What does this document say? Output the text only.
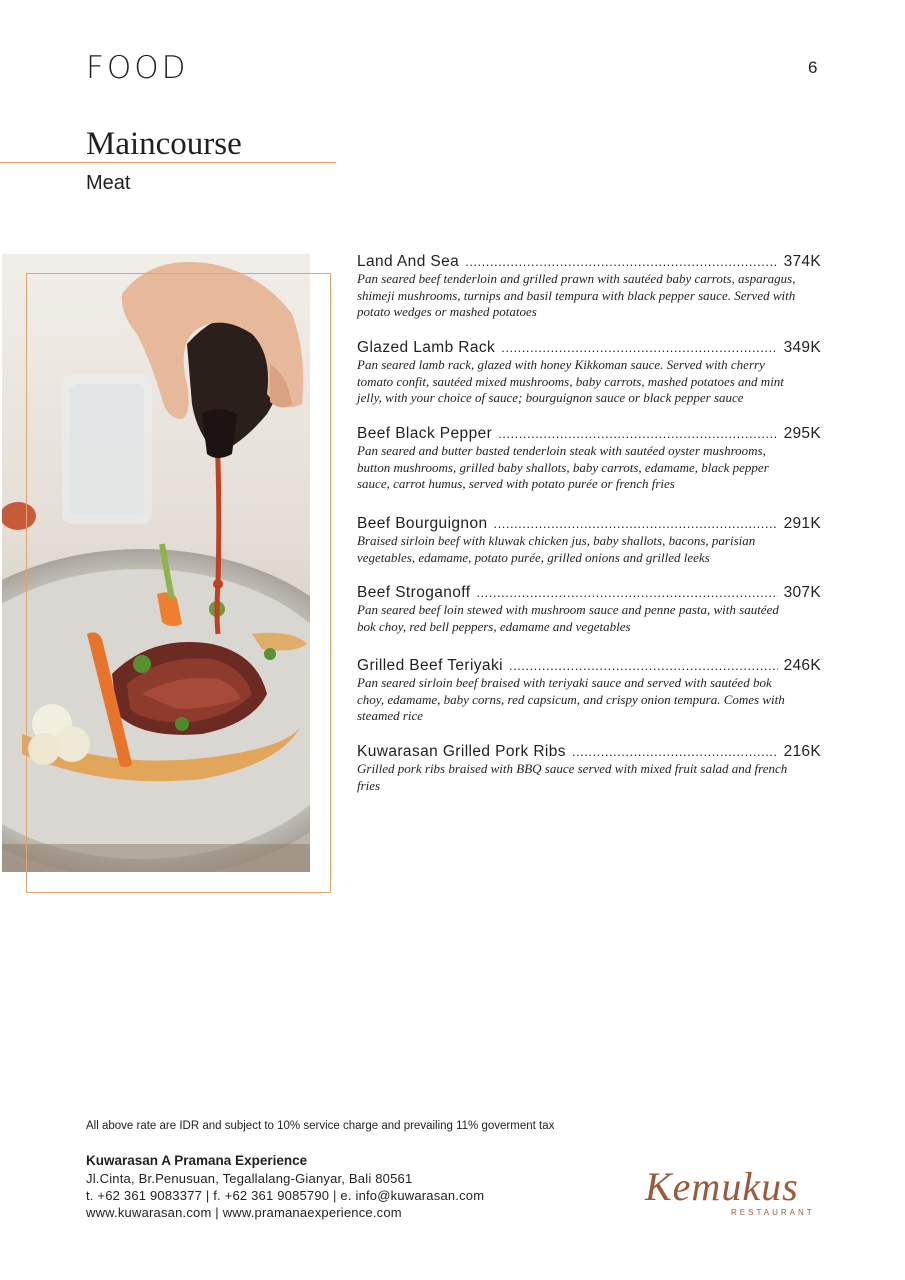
FOOD	6
Maincourse
Meat
Land And Sea .....	374K
Pan seared beef tenderloin and grilled prawn with sautéed baby carrots, asparagus, shimeji mushrooms, turnips and basil tempura with black pepper sauce. Served with potato wedges or mashed potatoes
Glazed Lamb Rack .....	349K
Pan seared lamb rack, glazed with honey Kikkoman sauce. Served with cherry tomato confit, sautéed mixed mushrooms, baby carrots, mashed potatoes and mint jelly, with your choice of sauce; bourguignon sauce or black pepper sauce
Beef Black Pepper .....	295K
Pan seared and butter basted tenderloin steak with sautéed oyster mushrooms, button mushrooms, grilled baby shallots, baby carrots, edamame, black pepper sauce, carrot humus, served with potato purée or french fries
Beef Bourguignon .....	291K
Braised sirloin beef with kluwak chicken jus, baby shallots, bacons, parisian vegetables, edamame, potato purée, grilled onions and grilled leeks
Beef Stroganoff .....	307K
Pan seared beef loin stewed with mushroom sauce and penne pasta, with sautéed bok choy, red bell peppers, edamame and vegetables
Grilled Beef Teriyaki .....	246K
Pan seared sirloin beef braised with teriyaki sauce and served with sautéed bok choy, edamame, baby corns, red capsicum, and crispy onion tempura. Comes with steamed rice
Kuwarasan Grilled Pork Ribs .....	216K
Grilled pork ribs braised with BBQ sauce served with mixed fruit salad and french fries
All above rate are IDR and subject to 10% service charge and prevailing 11% goverment tax
Kuwarasan A Pramana Experience
Jl.Cinta, Br.Penusuan, Tegallalang-Gianyar, Bali 80561
t. +62 361 9083377 | f. +62 361 9085790 | e. info@kuwarasan.com
www.kuwarasan.com | www.pramanaexperience.com
Kemukus
RESTAURANT
